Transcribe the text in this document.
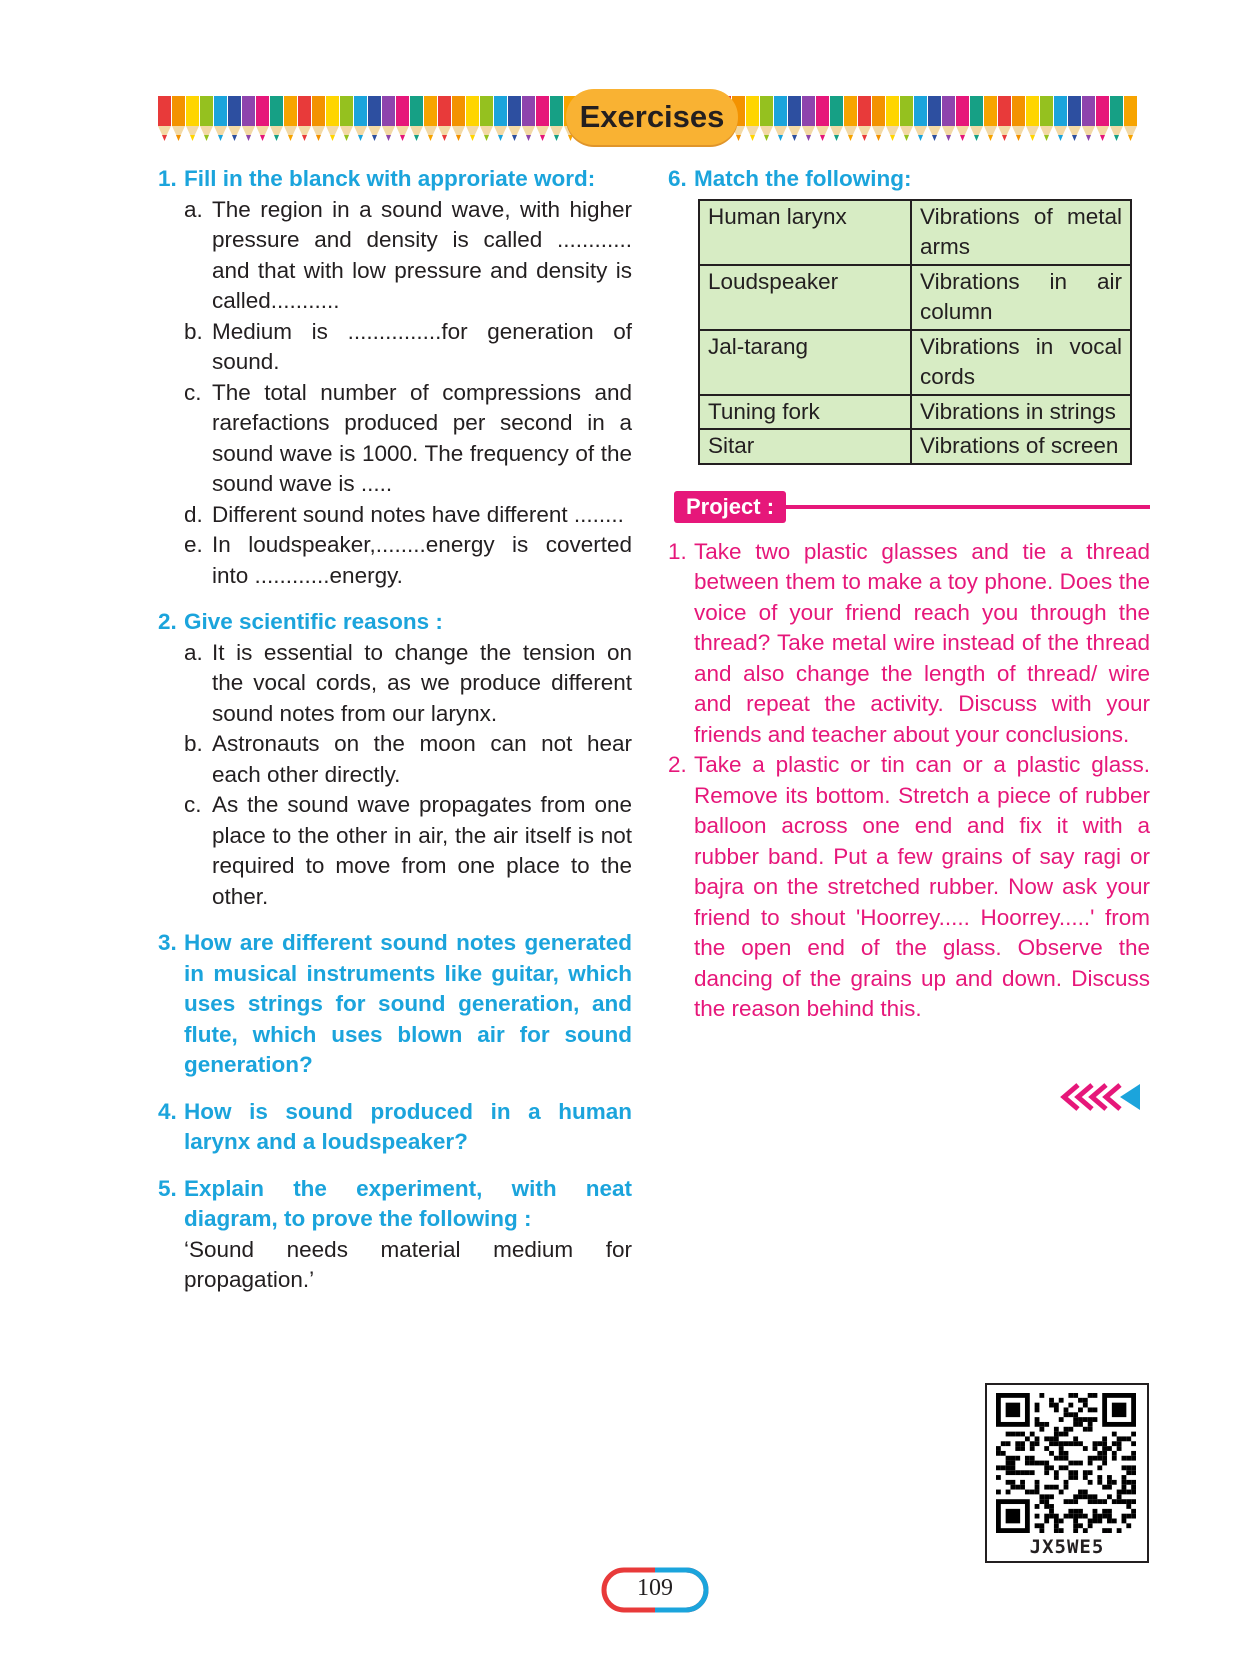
Exercises
1. Fill in the blanck with approriate word:
a. The region in a sound wave, with higher pressure and density is called ............ and that with low pressure and density is called...........
b. Medium is ...............for generation of sound.
c. The total number of compressions and rarefactions produced per second in a sound wave is 1000. The frequency of the sound wave is .....
d. Different sound notes have different ........
e. In loudspeaker,........energy is coverted into ............energy.
2. Give scientific reasons :
a. It is essential to change the tension on the vocal cords, as we produce different sound notes from our larynx.
b. Astronauts on the moon can not hear each other directly.
c. As the sound wave propagates from one place to the other in air, the air itself is not required to move from one place to the other.
3. How are different sound notes generated in musical instruments like guitar, which uses strings for sound generation, and flute, which uses blown air for sound generation?
4. How is sound produced in a human larynx and a loudspeaker?
5. Explain the experiment, with neat diagram, to prove the following :
‘Sound needs material medium for propagation.’
6. Match the following:
Human larynx	Vibrations of metal arms
Loudspeaker	Vibrations in air column
Jal-tarang	Vibrations in vocal cords
Tuning fork	Vibrations in strings
Sitar	Vibrations of screen
Project :
1. Take two plastic glasses and tie a thread between them to make a toy phone. Does the voice of your friend reach you through the thread? Take metal wire instead of the thread and also change the length of thread/ wire and repeat the activity. Discuss with your friends and teacher about your conclusions.
2. Take a plastic or tin can or a plastic glass. Remove its bottom. Stretch a piece of rubber balloon across one end and fix it with a rubber band. Put a few grains of say ragi or bajra on the stretched rubber. Now ask your friend to shout 'Hoorrey..... Hoorrey.....' from the open end of the glass. Observe the dancing of the grains up and down. Discuss the reason behind this.
JX5WE5
109
